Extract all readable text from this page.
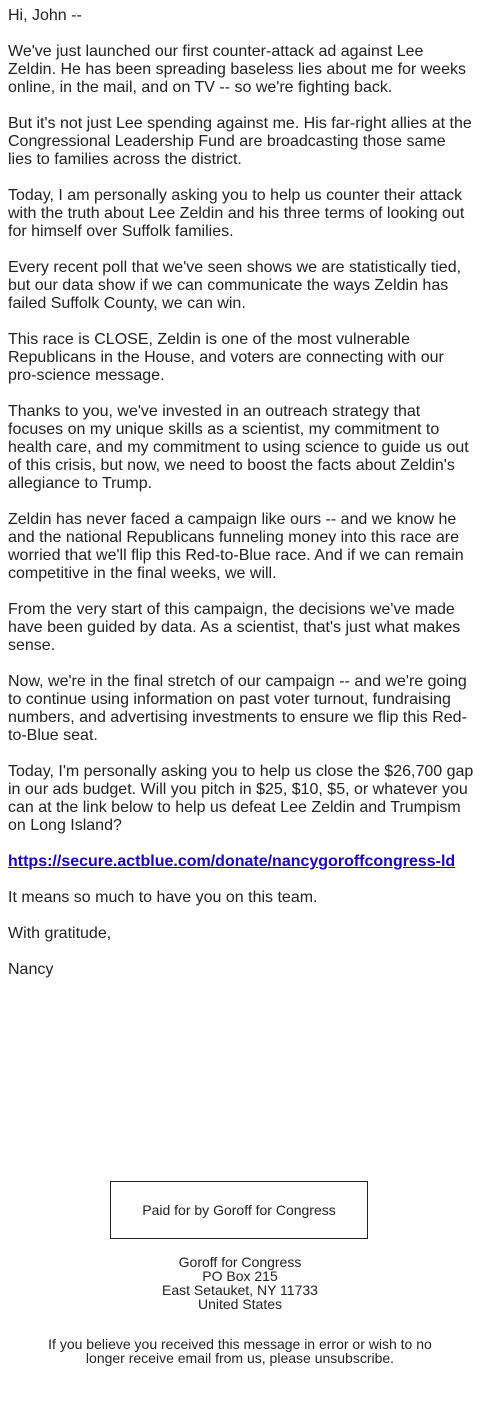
Hi, John --

We've just launched our first counter-attack ad against Lee Zeldin. He has been spreading baseless lies about me for weeks online, in the mail, and on TV -- so we're fighting back.

But it's not just Lee spending against me. His far-right allies at the Congressional Leadership Fund are broadcasting those same lies to families across the district.

Today, I am personally asking you to help us counter their attack with the truth about Lee Zeldin and his three terms of looking out for himself over Suffolk families.

Every recent poll that we've seen shows we are statistically tied, but our data show if we can communicate the ways Zeldin has failed Suffolk County, we can win.

This race is CLOSE, Zeldin is one of the most vulnerable Republicans in the House, and voters are connecting with our pro-science message.

Thanks to you, we've invested in an outreach strategy that focuses on my unique skills as a scientist, my commitment to health care, and my commitment to using science to guide us out of this crisis, but now, we need to boost the facts about Zeldin's allegiance to Trump.

Zeldin has never faced a campaign like ours -- and we know he and the national Republicans funneling money into this race are worried that we'll flip this Red-to-Blue race. And if we can remain competitive in the final weeks, we will.

From the very start of this campaign, the decisions we've made have been guided by data. As a scientist, that's just what makes sense.

Now, we're in the final stretch of our campaign -- and we're going to continue using information on past voter turnout, fundraising numbers, and advertising investments to ensure we flip this Red-to-Blue seat.

Today, I'm personally asking you to help us close the $26,700 gap in our ads budget. Will you pitch in $25, $10, $5, or whatever you can at the link below to help us defeat Lee Zeldin and Trumpism on Long Island?

https://secure.actblue.com/donate/nancygoroffcongress-ld

It means so much to have you on this team.

With gratitude,

Nancy

Paid for by Goroff for Congress
Goroff for Congress
PO Box 215
East Setauket, NY 11733
United States
If you believe you received this message in error or wish to no longer receive email from us, please unsubscribe.
